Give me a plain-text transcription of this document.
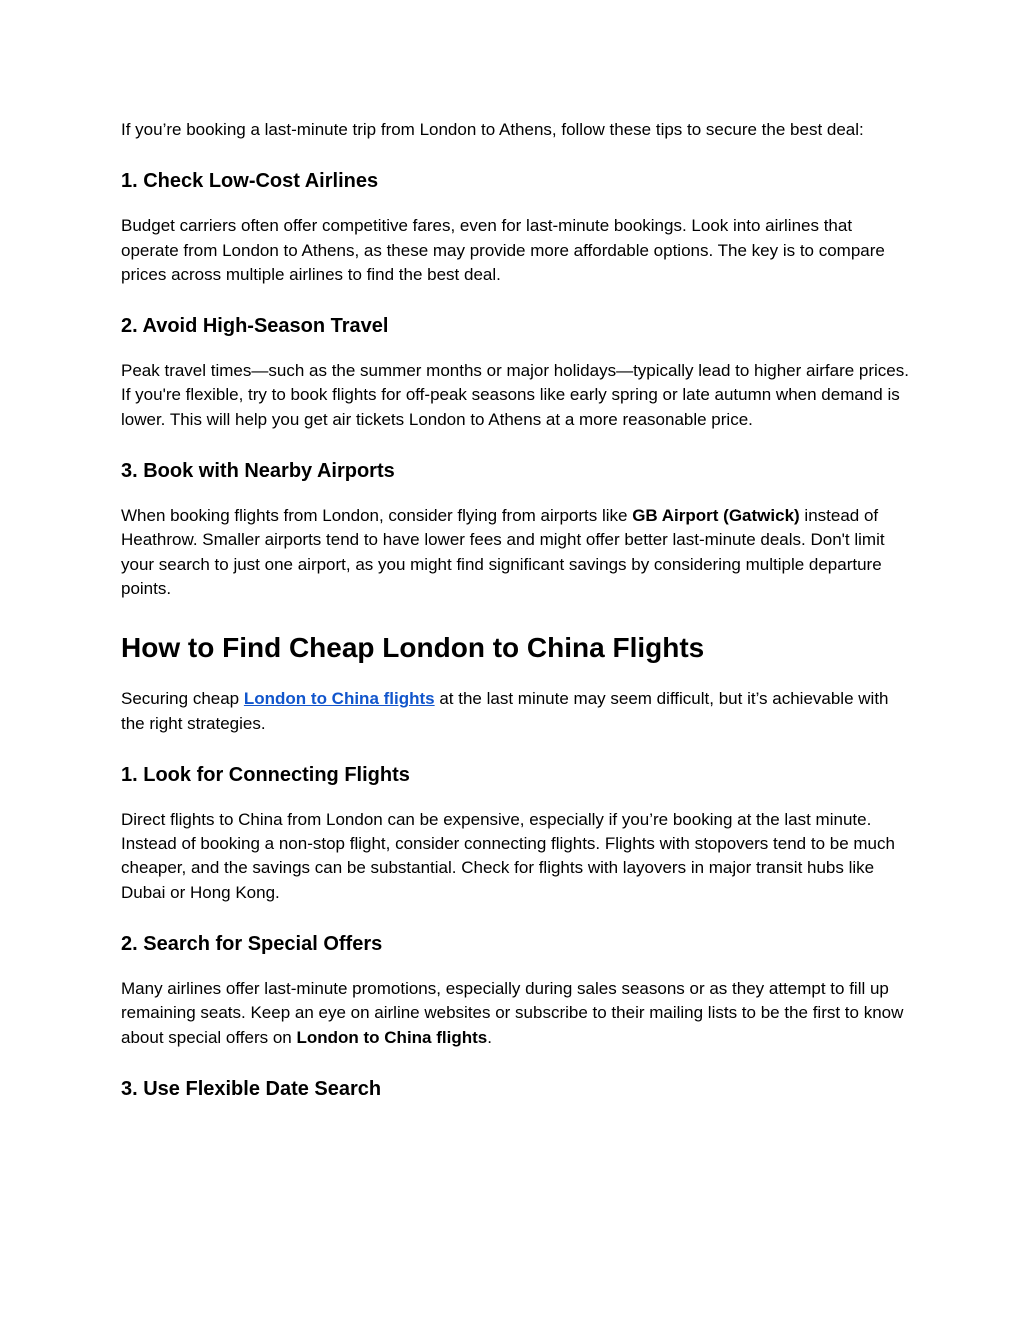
If you’re booking a last-minute trip from London to Athens, follow these tips to secure the best deal:

1. Check Low-Cost Airlines

Budget carriers often offer competitive fares, even for last-minute bookings. Look into airlines that operate from London to Athens, as these may provide more affordable options. The key is to compare prices across multiple airlines to find the best deal.

2. Avoid High-Season Travel

Peak travel times—such as the summer months or major holidays—typically lead to higher airfare prices. If you're flexible, try to book flights for off-peak seasons like early spring or late autumn when demand is lower. This will help you get air tickets London to Athens at a more reasonable price.

3. Book with Nearby Airports

When booking flights from London, consider flying from airports like GB Airport (Gatwick) instead of Heathrow. Smaller airports tend to have lower fees and might offer better last-minute deals. Don't limit your search to just one airport, as you might find significant savings by considering multiple departure points.

How to Find Cheap London to China Flights

Securing cheap London to China flights at the last minute may seem difficult, but it’s achievable with the right strategies.

1. Look for Connecting Flights

Direct flights to China from London can be expensive, especially if you’re booking at the last minute. Instead of booking a non-stop flight, consider connecting flights. Flights with stopovers tend to be much cheaper, and the savings can be substantial. Check for flights with layovers in major transit hubs like Dubai or Hong Kong.

2. Search for Special Offers

Many airlines offer last-minute promotions, especially during sales seasons or as they attempt to fill up remaining seats. Keep an eye on airline websites or subscribe to their mailing lists to be the first to know about special offers on London to China flights.

3. Use Flexible Date Search
